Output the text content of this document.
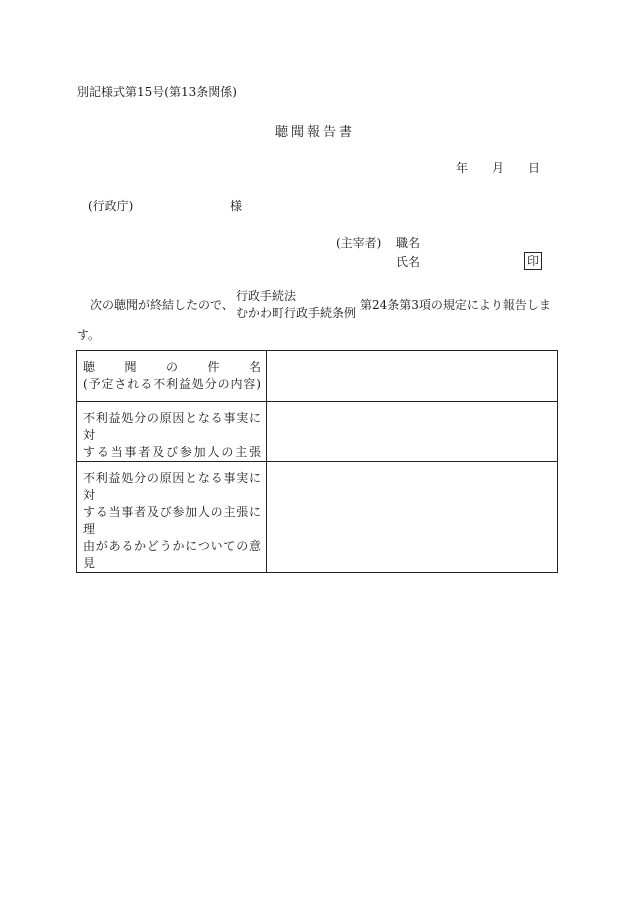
別記様式第15号(第13条関係)
聴聞報告書
年 月 日
(行政庁)	様
(主宰者) 職名
氏名	印
次の聴聞が終結したので、
行政手続法
むかわ町行政手続条例
第24条第3項の規定により報告しま
す。
聴　聞　の　件　名
(予定される不利益処分の内容)	

不利益処分の原因となる事実に対
する当事者及び参加人の主張	

不利益処分の原因となる事実に対
する当事者及び参加人の主張に理
由があるかどうかについての意見	
